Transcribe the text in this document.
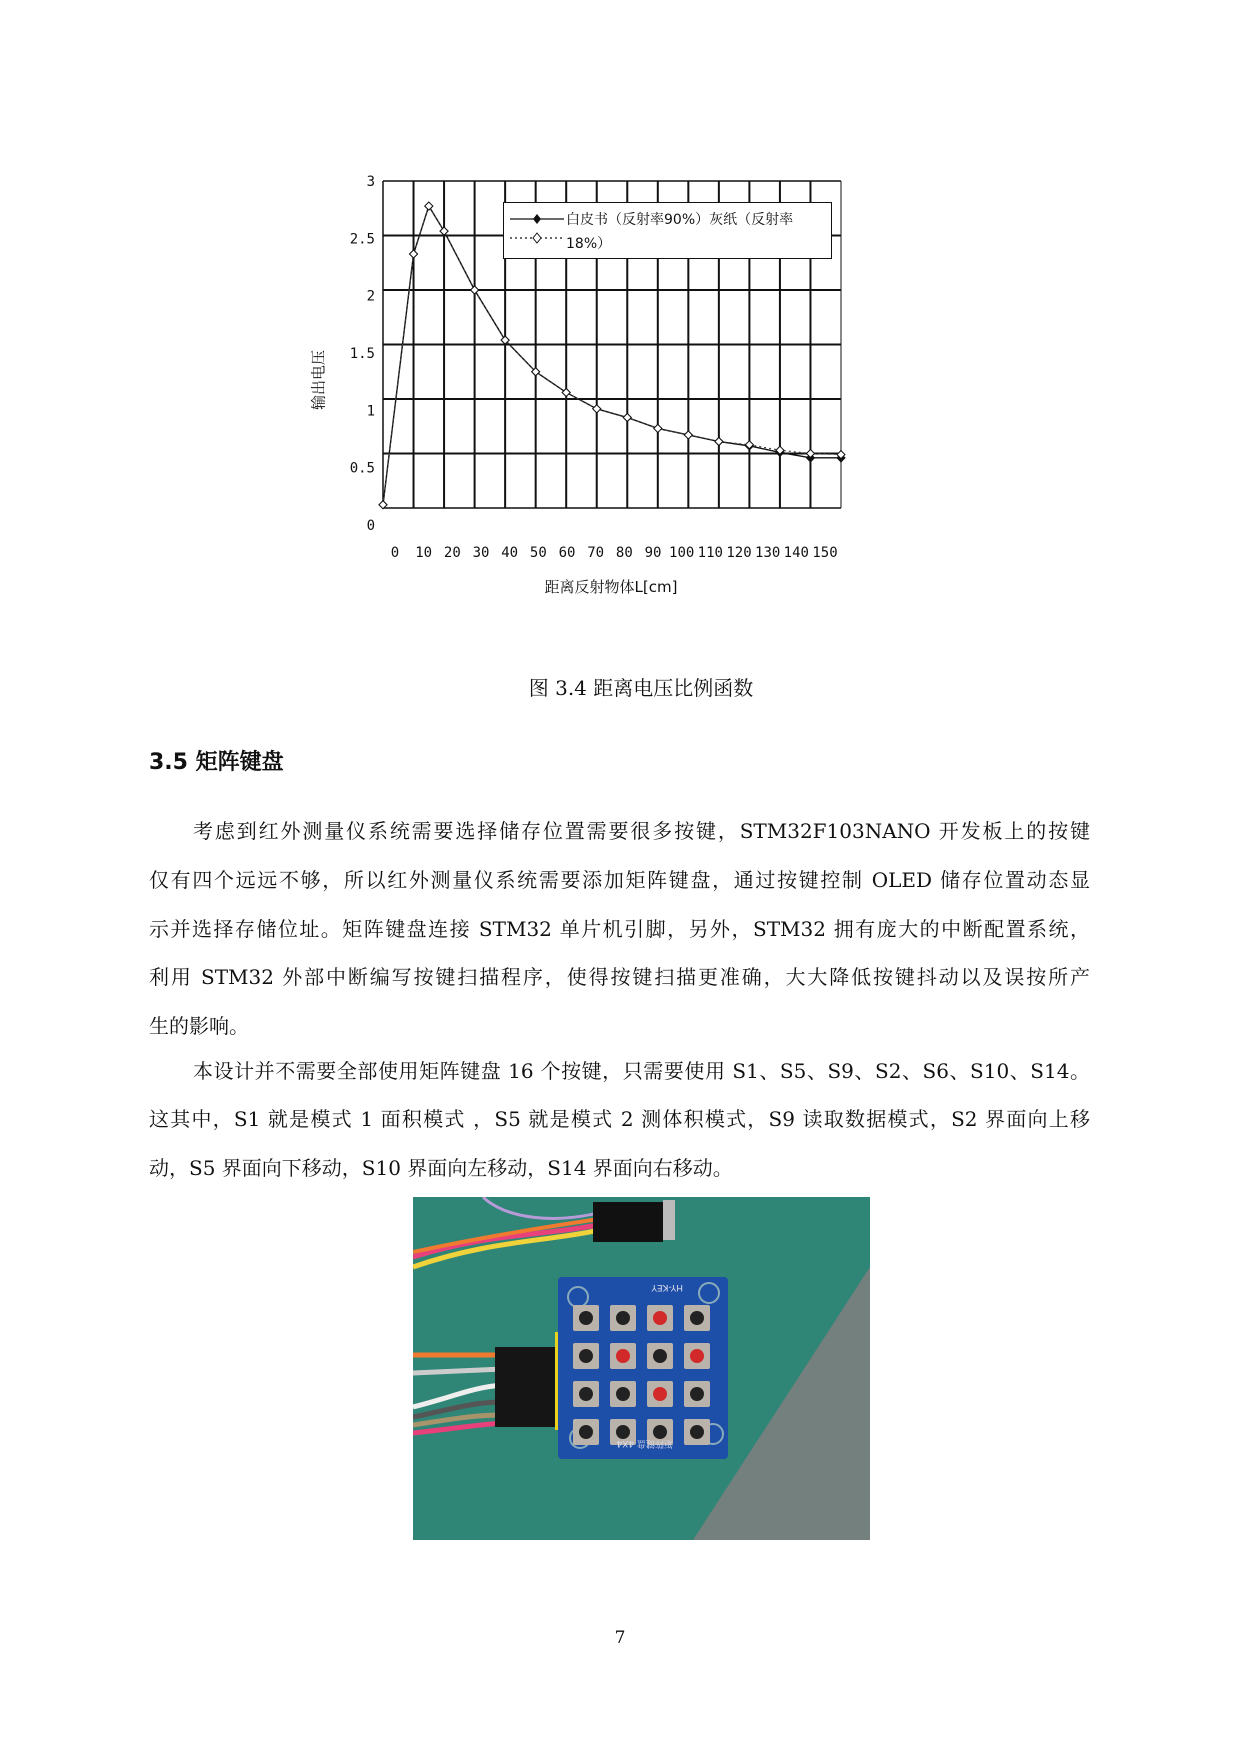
3
2.5
2
1.5
1
0.5
0
0 10 20 30 40 50 60 70 80 90 100 110 120 130 140 150
输出电压
距离反射物体L[cm]
白皮书（反射率90%）灰纸（反射率
18%）
图 3.4 距离电压比例函数
3.5 矩阵键盘
考虑到红外测量仪系统需要选择储存位置需要很多按键，STM32F103NANO 开发板上的按键
仅有四个远远不够，所以红外测量仪系统需要添加矩阵键盘，通过按键控制 OLED 储存位置动态显
示并选择存储位址。矩阵键盘连接 STM32 单片机引脚，另外，STM32 拥有庞大的中断配置系统，
利用 STM32 外部中断编写按键扫描程序，使得按键扫描更准确，大大降低按键抖动以及误按所产
生的影响。
本设计并不需要全部使用矩阵键盘 16 个按键，只需要使用 S1、S5、S9、S2、S6、S10、S14。
这其中，S1 就是模式 1 面积模式 ，S5 就是模式 2 测体积模式，S9 读取数据模式，S2 界面向上移
动，S5 界面向下移动，S10 界面向左移动，S14 界面向右移动。
HY-KEY
矩阵键盘 4X4
7
